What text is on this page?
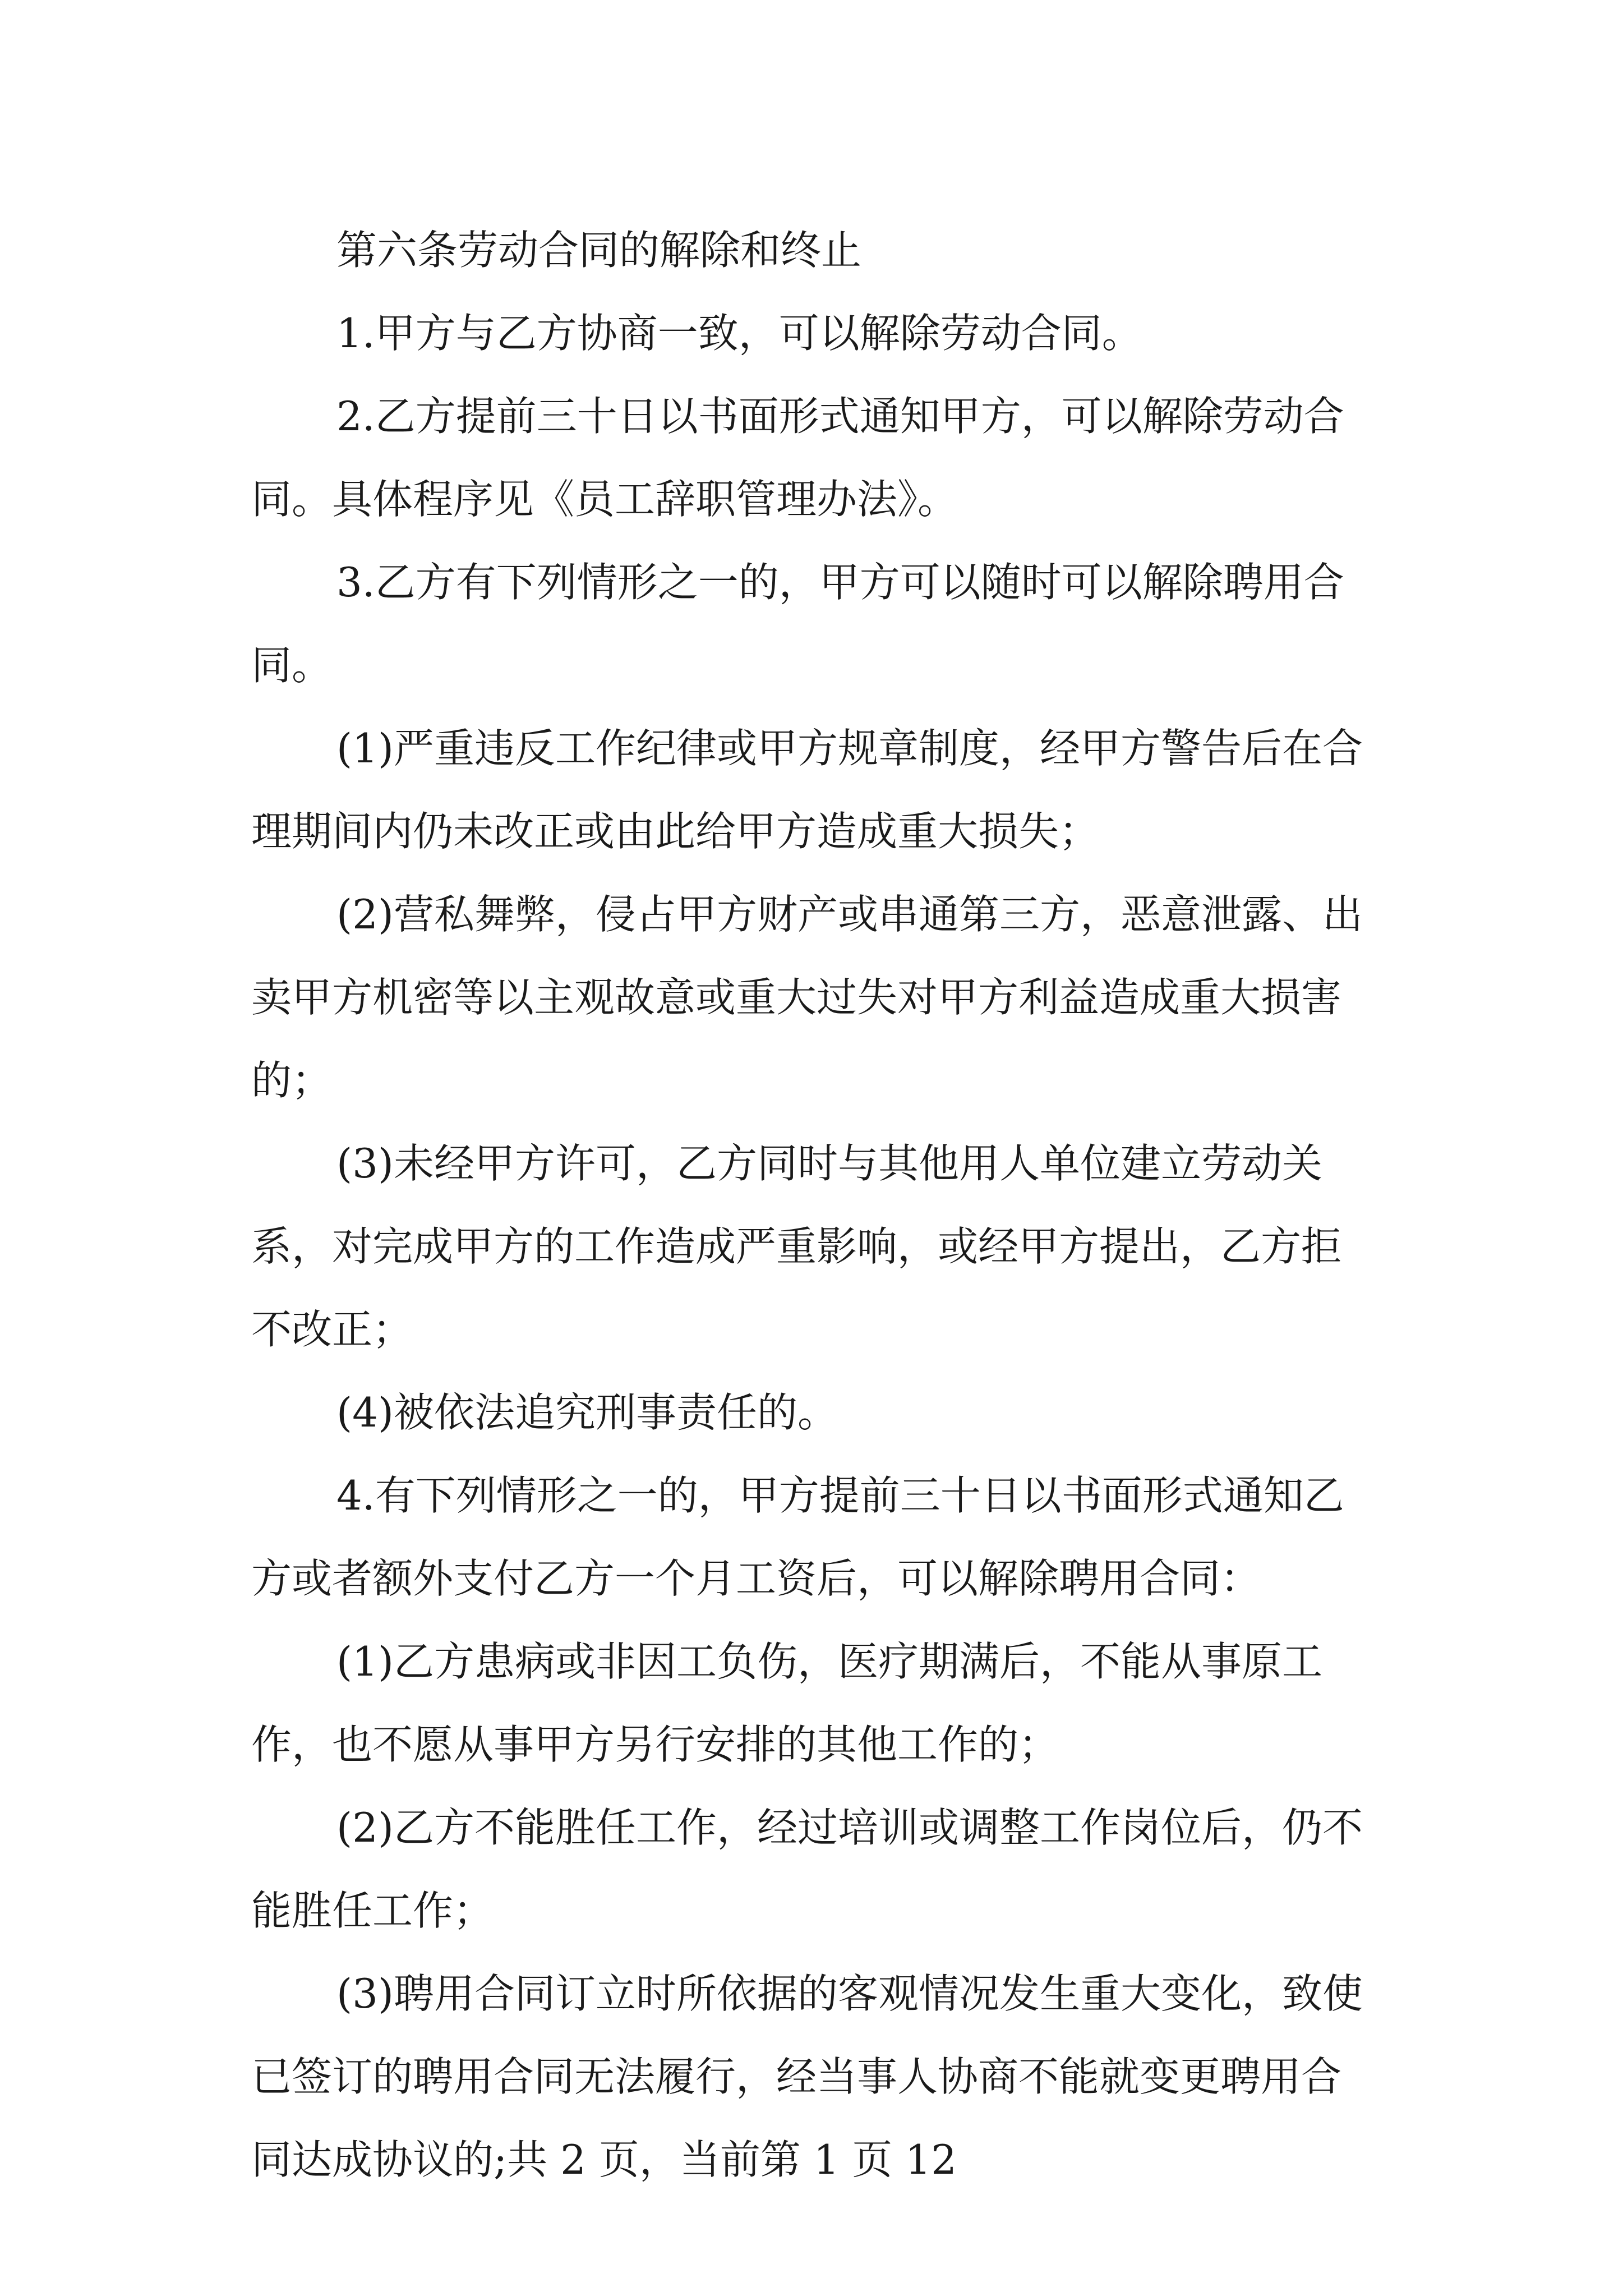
第六条劳动合同的解除和终止

1.甲方与乙方协商一致，可以解除劳动合同。

2.乙方提前三十日以书面形式通知甲方，可以解除劳动合同。具体程序见《员工辞职管理办法》。

3.乙方有下列情形之一的，甲方可以随时可以解除聘用合同。

(1)严重违反工作纪律或甲方规章制度，经甲方警告后在合理期间内仍未改正或由此给甲方造成重大损失；

(2)营私舞弊，侵占甲方财产或串通第三方，恶意泄露、出卖甲方机密等以主观故意或重大过失对甲方利益造成重大损害的；

(3)未经甲方许可，乙方同时与其他用人单位建立劳动关系，对完成甲方的工作造成严重影响，或经甲方提出，乙方拒不改正；

(4)被依法追究刑事责任的。

4.有下列情形之一的，甲方提前三十日以书面形式通知乙方或者额外支付乙方一个月工资后，可以解除聘用合同：

(1)乙方患病或非因工负伤，医疗期满后，不能从事原工作，也不愿从事甲方另行安排的其他工作的；

(2)乙方不能胜任工作，经过培训或调整工作岗位后，仍不能胜任工作；

(3)聘用合同订立时所依据的客观情况发生重大变化，致使已签订的聘用合同无法履行，经当事人协商不能就变更聘用合同达成协议的;共 2 页，当前第 1 页 12
